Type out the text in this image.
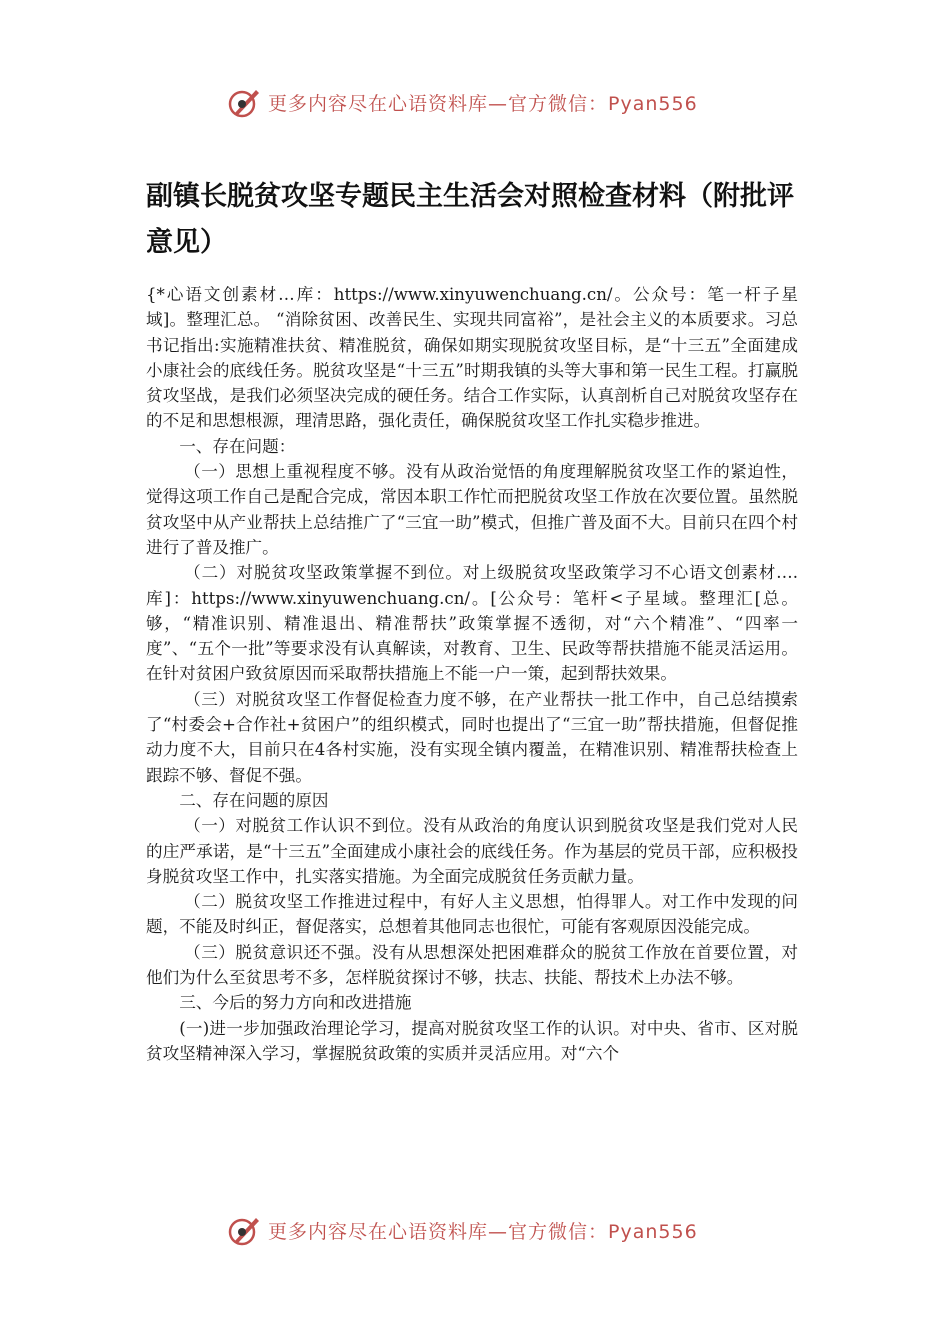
更多内容尽在心语资料库—官方微信：Pyan556
副镇长脱贫攻坚专题民主生活会对照检查材料（附批评意见）

{*心语文创素材…库：https://www.xinyuwenchuang.cn/。公众号：笔一杆子星域]。整理汇总。 “消除贫困、改善民生、实现共同富裕”，是社会主义的本质要求。习总书记指出:实施精准扶贫、精准脱贫，确保如期实现脱贫攻坚目标，是“十三五”全面建成小康社会的底线任务。脱贫攻坚是“十三五”时期我镇的头等大事和第一民生工程。打赢脱贫攻坚战，是我们必须坚决完成的硬任务。结合工作实际，认真剖析自己对脱贫攻坚存在的不足和思想根源，理清思路，强化责任，确保脱贫攻坚工作扎实稳步推进。

一、存在问题：

（一）思想上重视程度不够。没有从政治觉悟的角度理解脱贫攻坚工作的紧迫性，觉得这项工作自己是配合完成，常因本职工作忙而把脱贫攻坚工作放在次要位置。虽然脱贫攻坚中从产业帮扶上总结推广了“三宜一助”模式，但推广普及面不大。目前只在四个村进行了普及推广。

（二）对脱贫攻坚政策掌握不到位。对上级脱贫攻坚政策学习不心语文创素材….库]：https://www.xinyuwenchuang.cn/。[公众号：笔杆<子星域。整理汇[总。够，“精准识别、精准退出、精准帮扶”政策掌握不透彻，对“六个精准”、“四率一度”、“五个一批”等要求没有认真解读，对教育、卫生、民政等帮扶措施不能灵活运用。在针对贫困户致贫原因而采取帮扶措施上不能一户一策，起到帮扶效果。

（三）对脱贫攻坚工作督促检查力度不够，在产业帮扶一批工作中，自己总结摸索了“村委会+合作社+贫困户”的组织模式，同时也提出了“三宜一助”帮扶措施，但督促推动力度不大，目前只在4各村实施，没有实现全镇内覆盖，在精准识别、精准帮扶检查上跟踪不够、督促不强。

二、存在问题的原因

（一）对脱贫工作认识不到位。没有从政治的角度认识到脱贫攻坚是我们党对人民的庄严承诺，是“十三五”全面建成小康社会的底线任务。作为基层的党员干部，应积极投身脱贫攻坚工作中，扎实落实措施。为全面完成脱贫任务贡献力量。

（二）脱贫攻坚工作推进过程中，有好人主义思想，怕得罪人。对工作中发现的问题，不能及时纠正，督促落实，总想着其他同志也很忙，可能有客观原因没能完成。

（三）脱贫意识还不强。没有从思想深处把困难群众的脱贫工作放在首要位置，对他们为什么至贫思考不多，怎样脱贫探讨不够，扶志、扶能、帮技术上办法不够。

三、今后的努力方向和改进措施

(一)进一步加强政治理论学习，提高对脱贫攻坚工作的认识。对中央、省市、区对脱贫攻坚精神深入学习，掌握脱贫政策的实质并灵活应用。对“六个

更多内容尽在心语资料库—官方微信：Pyan556
